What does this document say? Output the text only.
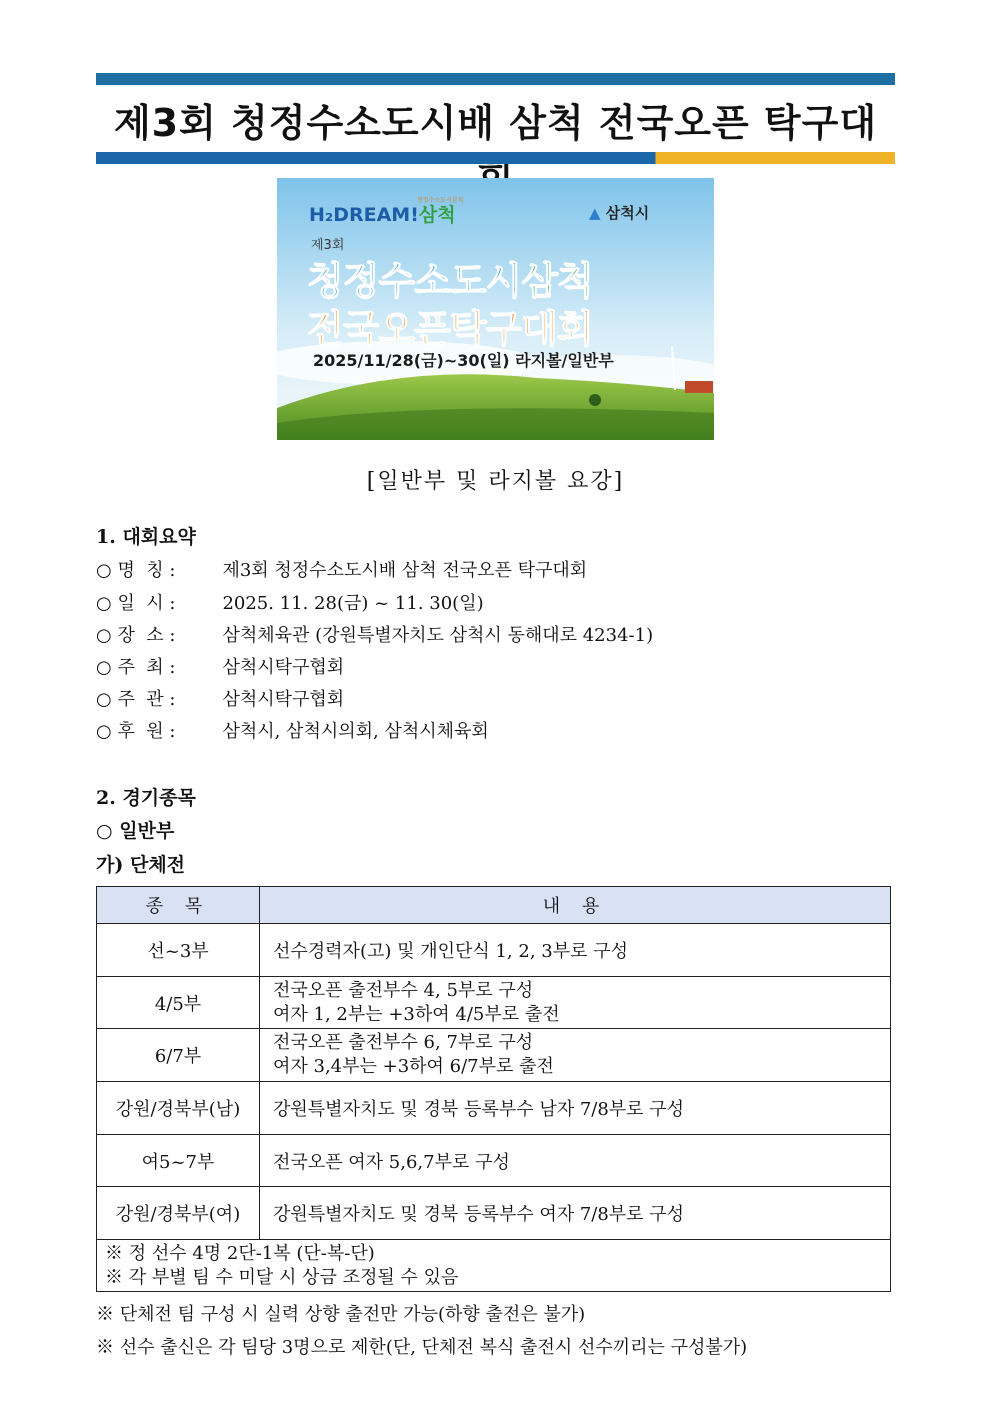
제3회 청정수소도시배 삼척 전국오픈 탁구대
H₂DREAM!삼척
청정수소도시삼척
▲ 삼척시
제3회
청정수소도시삼척
전국오픈탁구대회
2025/11/28(금)~30(일) 라지볼/일반부
[일반부 및 라지볼 요강]
1. 대회요약
○ 명  칭 :	제3회 청정수소도시배 삼척 전국오픈 탁구대회
○ 일  시 :	2025. 11. 28(금) ~ 11. 30(일)
○ 장  소 :	삼척체육관 (강원특별자치도 삼척시 동해대로 4234-1)
○ 주  최 :	삼척시탁구협회
○ 주  관 :	삼척시탁구협회
○ 후  원 :	삼척시, 삼척시의회, 삼척시체육회
2. 경기종목
○ 일반부
가) 단체전
종 목	내 용
선~3부	선수경력자(고) 및 개인단식 1, 2, 3부로 구성

4/5부	전국오픈 출전부수 4, 5부로 구성
여자 1, 2부는 +3하여 4/5부로 출전

6/7부	전국오픈 출전부수 6, 7부로 구성
여자 3,4부는 +3하여 6/7부로 출전

강원/경북부(남)	강원특별자치도 및 경북 등록부수 남자 7/8부로 구성

여5~7부	전국오픈 여자 5,6,7부로 구성

강원/경북부(여)	강원특별자치도 및 경북 등록부수 여자 7/8부로 구성

※ 정 선수 4명 2단-1복 (단-복-단)
※ 각 부별 팀 수 미달 시 상금 조정될 수 있음	
※ 단체전 팀 구성 시 실력 상향 출전만 가능(하향 출전은 불가)
※ 선수 출신은 각 팀당 3명으로 제한(단, 단체전 복식 출전시 선수끼리는 구성불가)
